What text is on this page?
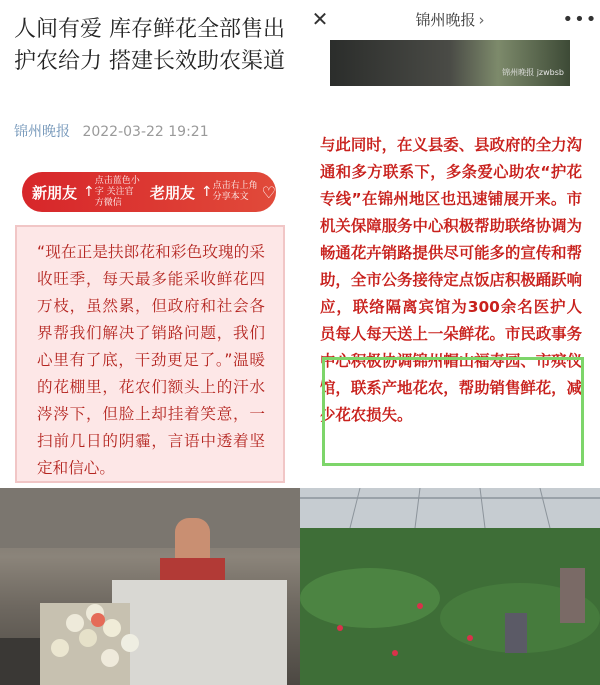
人间有爱 库存鲜花全部售出 护农给力 搭建长效助农渠道
锦州晚报 2022-03-22 19:21
新朋友 ↑
点击蓝色小字 关注官方微信
老朋友 ↑ 点击右上角 分享本文 ♡
“现在正是扶郎花和彩色玫瑰的采收旺季，每天最多能采收鲜花四万枝，虽然累，但政府和社会各界帮我们解决了销路问题，我们心里有了底，干劲更足了。”温暖的花棚里，花农们额头上的汗水涔涔下，但脸上却挂着笑意，一扫前几日的阴霾，言语中透着坚定和信心。
✕	锦州晚报 ›	•••
锦州晚报 jzwbsb
与此同时，在义县委、县政府的全力沟通和多方联系下，多条爱心助农“护花专线”在锦州地区也迅速铺展开来。市机关保障服务中心积极帮助联络协调为畅通花卉销路提供尽可能多的宣传和帮助，全市公务接待定点饭店积极踊跃响应，联络隔离宾馆为300余名医护人员每人每天送上一朵鲜花。市民政事务中心积极协调锦州帽山福寿园、市殡仪馆，联系产地花农，帮助销售鲜花，减少花农损失。
